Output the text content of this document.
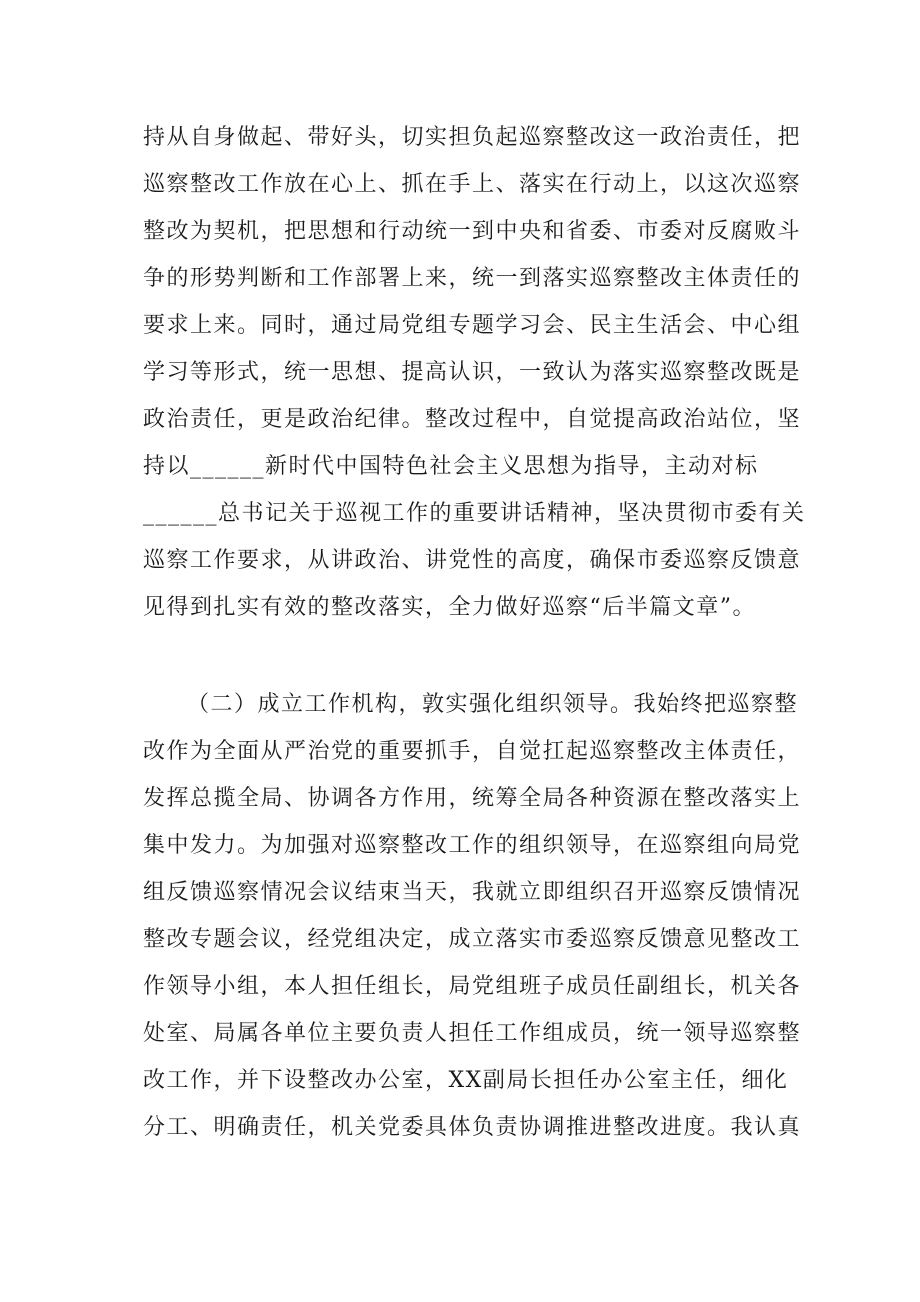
持从自身做起、带好头，切实担负起巡察整改这一政治责任，把
巡察整改工作放在心上、抓在手上、落实在行动上，以这次巡察
整改为契机，把思想和行动统一到中央和省委、市委对反腐败斗
争的形势判断和工作部署上来，统一到落实巡察整改主体责任的
要求上来。同时，通过局党组专题学习会、民主生活会、中心组
学习等形式，统一思想、提高认识，一致认为落实巡察整改既是
政治责任，更是政治纪律。整改过程中，自觉提高政治站位，坚
持以______新时代中国特色社会主义思想为指导，主动对标
______总书记关于巡视工作的重要讲话精神，坚决贯彻市委有关
巡察工作要求，从讲政治、讲党性的高度，确保市委巡察反馈意
见得到扎实有效的整改落实，全力做好巡察“后半篇文章”。
（二）成立工作机构，敦实强化组织领导。我始终把巡察整
改作为全面从严治党的重要抓手，自觉扛起巡察整改主体责任，
发挥总揽全局、协调各方作用，统筹全局各种资源在整改落实上
集中发力。为加强对巡察整改工作的组织领导，在巡察组向局党
组反馈巡察情况会议结束当天，我就立即组织召开巡察反馈情况
整改专题会议，经党组决定，成立落实市委巡察反馈意见整改工
作领导小组，本人担任组长，局党组班子成员任副组长，机关各
处室、局属各单位主要负责人担任工作组成员，统一领导巡察整
改工作，并下设整改办公室，XX副局长担任办公室主任，细化
分工、明确责任，机关党委具体负责协调推进整改进度。我认真
